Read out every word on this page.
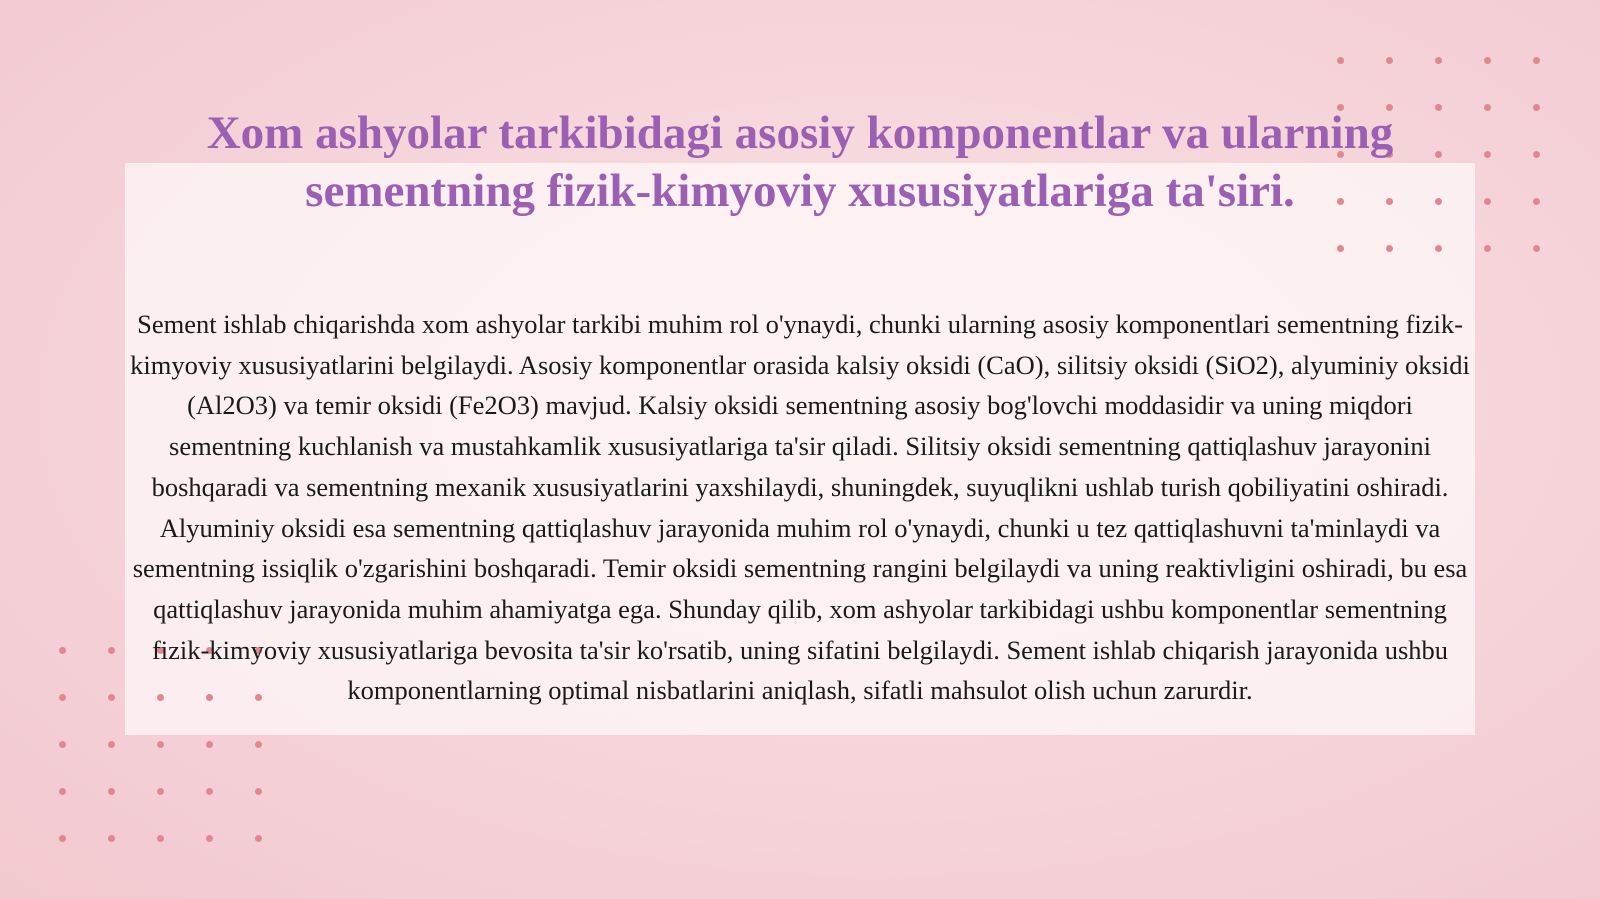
Xom ashyolar tarkibidagi asosiy komponentlar va ularning sementning fizik-kimyoviy xususiyatlariga ta'siri.

Sement ishlab chiqarishda xom ashyolar tarkibi muhim rol o'ynaydi, chunki ularning asosiy komponentlari sementning fizik-kimyoviy xususiyatlarini belgilaydi. Asosiy komponentlar orasida kalsiy oksidi (CaO), silitsiy oksidi (SiO2), alyuminiy oksidi (Al2O3) va temir oksidi (Fe2O3) mavjud. Kalsiy oksidi sementning asosiy bog'lovchi moddasidir va uning miqdori sementning kuchlanish va mustahkamlik xususiyatlariga ta'sir qiladi. Silitsiy oksidi sementning qattiqlashuv jarayonini boshqaradi va sementning mexanik xususiyatlarini yaxshilaydi, shuningdek, suyuqlikni ushlab turish qobiliyatini oshiradi. Alyuminiy oksidi esa sementning qattiqlashuv jarayonida muhim rol o'ynaydi, chunki u tez qattiqlashuvni ta'minlaydi va sementning issiqlik o'zgarishini boshqaradi. Temir oksidi sementning rangini belgilaydi va uning reaktivligini oshiradi, bu esa qattiqlashuv jarayonida muhim ahamiyatga ega. Shunday qilib, xom ashyolar tarkibidagi ushbu komponentlar sementning fizik-kimyoviy xususiyatlariga bevosita ta'sir ko'rsatib, uning sifatini belgilaydi. Sement ishlab chiqarish jarayonida ushbu komponentlarning optimal nisbatlarini aniqlash, sifatli mahsulot olish uchun zarurdir.
